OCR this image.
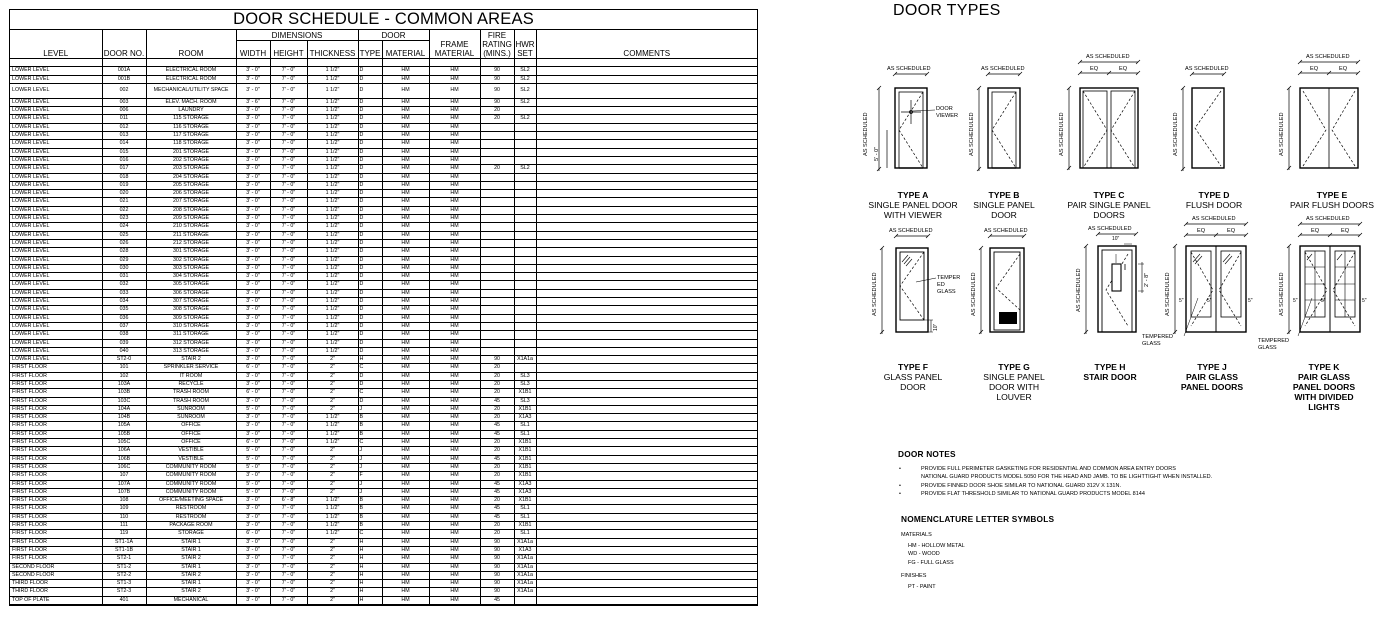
DOOR SCHEDULE - COMMON AREAS
LEVEL	DOOR NO.	ROOM	DIMENSIONS			DOOR		FRAME MATERIAL	FIRE RATING (MINS.)	HWR SET	COMMENTS
			WIDTH	HEIGHT	THICKNESS	TYPE	MATERIAL				

LOWER LEVEL	001A	ELECTRICAL ROOM	3' - 0"	7' - 0"	1 1/2"	D	HM	HM	90	SL2	
LOWER LEVEL	001B	ELECTRICAL ROOM	3' - 0"	7' - 0"	1 1/2"	D	HM	HM	90	SL2	
LOWER LEVEL	002	MECHANICAL/UTILITY SPACE	3' - 0"	7' - 0"	1 1/2"	D	HM	HM	90	SL2	
LOWER LEVEL	003	ELEV. MACH. ROOM	3' - 6"	7' - 0"	1 1/2"	D	HM	HM	90	SL2	
LOWER LEVEL	006	LAUNDRY	3' - 0"	7' - 0"	1 1/2"	D	HM	HM	20		
LOWER LEVEL	011	115 STORAGE	3' - 0"	7' - 0"	1 1/2"	D	HM	HM	20	SL2	
LOWER LEVEL	012	116 STORAGE	3' - 0"	7' - 0"	1 1/2"	D	HM	HM			
LOWER LEVEL	013	117 STORAGE	3' - 0"	7' - 0"	1 1/2"	D	HM	HM			
LOWER LEVEL	014	118 STORAGE	3' - 0"	7' - 0"	1 1/2"	D	HM	HM			
LOWER LEVEL	015	201 STORAGE	3' - 0"	7' - 0"	1 1/2"	D	HM	HM			
LOWER LEVEL	016	202 STORAGE	3' - 0"	7' - 0"	1 1/2"	D	HM	HM			
LOWER LEVEL	017	203 STORAGE	3' - 0"	7' - 0"	1 1/2"	D	HM	HM	20	SL2	
LOWER LEVEL	018	204 STORAGE	3' - 0"	7' - 0"	1 1/2"	D	HM	HM			
LOWER LEVEL	019	205 STORAGE	3' - 0"	7' - 0"	1 1/2"	D	HM	HM			
LOWER LEVEL	020	206 STORAGE	3' - 0"	7' - 0"	1 1/2"	D	HM	HM			
LOWER LEVEL	021	207 STORAGE	3' - 0"	7' - 0"	1 1/2"	D	HM	HM			
LOWER LEVEL	022	208 STORAGE	3' - 0"	7' - 0"	1 1/2"	D	HM	HM			
LOWER LEVEL	023	209 STORAGE	3' - 0"	7' - 0"	1 1/2"	D	HM	HM			
LOWER LEVEL	024	210 STORAGE	3' - 0"	7' - 0"	1 1/2"	D	HM	HM			
LOWER LEVEL	025	211 STORAGE	3' - 0"	7' - 0"	1 1/2"	D	HM	HM			
LOWER LEVEL	026	212 STORAGE	3' - 0"	7' - 0"	1 1/2"	D	HM	HM			
LOWER LEVEL	028	301 STORAGE	3' - 0"	7' - 0"	1 1/2"	D	HM	HM			
LOWER LEVEL	029	302 STORAGE	3' - 0"	7' - 0"	1 1/2"	D	HM	HM			
LOWER LEVEL	030	303 STORAGE	3' - 0"	7' - 0"	1 1/2"	D	HM	HM			
LOWER LEVEL	031	304 STORAGE	3' - 0"	7' - 0"	1 1/2"	D	HM	HM			
LOWER LEVEL	032	305 STORAGE	3' - 0"	7' - 0"	1 1/2"	D	HM	HM			
LOWER LEVEL	033	306 STORAGE	3' - 0"	7' - 0"	1 1/2"	D	HM	HM			
LOWER LEVEL	034	307 STORAGE	3' - 0"	7' - 0"	1 1/2"	D	HM	HM			
LOWER LEVEL	035	308 STORAGE	3' - 0"	7' - 0"	1 1/2"	D	HM	HM			
LOWER LEVEL	036	309 STORAGE	3' - 0"	7' - 0"	1 1/2"	D	HM	HM			
LOWER LEVEL	037	310 STORAGE	3' - 0"	7' - 0"	1 1/2"	D	HM	HM			
LOWER LEVEL	038	311 STORAGE	3' - 0"	7' - 0"	1 1/2"	D	HM	HM			
LOWER LEVEL	039	312 STORAGE	3' - 0"	7' - 0"	1 1/2"	D	HM	HM			
LOWER LEVEL	040	313 STORAGE	3' - 0"	7' - 0"	1 1/2"	D	HM	HM			
LOWER LEVEL	ST2-0	STAIR 2	3' - 0"	7' - 0"	2"	H	HM	HM	90	X1A1a	
FIRST FLOOR	101	SPRINKLER SERVICE	6' - 0"	7' - 0"	2"	C	HM	HM	20		
FIRST FLOOR	102	IT ROOM	3' - 0"	7' - 0"	2"	D	HM	HM	20	SL3	
FIRST FLOOR	103A	RECYCLE	3' - 0"	7' - 0"	2"	D	HM	HM	20	SL3	
FIRST FLOOR	103B	TRASH ROOM	6' - 0"	7' - 0"	2"	C	HM	HM	20	X1B1	
FIRST FLOOR	103C	TRASH ROOM	3' - 0"	7' - 0"	2"	D	HM	HM	45	SL3	
FIRST FLOOR	104A	SUNROOM	5' - 0"	7' - 0"	2"	J	HM	HM	20	X1B1	
FIRST FLOOR	104B	SUNROOM	3' - 0"	7' - 0"	1 1/2"	B	HM	HM	20	X1A3	
FIRST FLOOR	105A	OFFICE	3' - 0"	7' - 0"	1 1/2"	B	HM	HM	45	SL1	
FIRST FLOOR	105B	OFFICE	3' - 0"	7' - 0"	1 1/2"	B	HM	HM	45	SL1	
FIRST FLOOR	105C	OFFICE	6' - 0"	7' - 0"	1 1/2"	C	HM	HM	20	X1B1	
FIRST FLOOR	106A	VESTIBLE	5' - 0"	7' - 0"	2"	J	HM	HM	20	X1B1	
FIRST FLOOR	106B	VESTIBLE	5' - 0"	7' - 0"	2"	J	HM	HM	45	X1B1	
FIRST FLOOR	106C	COMMUNITY ROOM	5' - 0"	7' - 0"	2"	J	HM	HM	20	X1B1	
FIRST FLOOR	107	COMMUNITY ROOM	3' - 0"	7' - 0"	2"	F	HM	HM	20	X1B1	
FIRST FLOOR	107A	COMMUNITY ROOM	5' - 0"	7' - 0"	2"	J	HM	HM	45	X1A3	
FIRST FLOOR	107B	COMMUNITY ROOM	5' - 0"	7' - 0"	2"	J	HM	HM	45	X1A3	
FIRST FLOOR	108	OFFICE/MEETING SPACE	3' - 0"	6' - 8"	1 1/2"	B	HM	HM	20	X1B1	
FIRST FLOOR	109	RESTROOM	3' - 0"	7' - 0"	1 1/2"	B	HM	HM	45	SL1	
FIRST FLOOR	110	RESTROOM	3' - 0"	7' - 0"	1 1/2"	B	HM	HM	45	SL1	
FIRST FLOOR	111	PACKAGE ROOM	3' - 0"	7' - 0"	1 1/2"	B	HM	HM	20	X1B1	
FIRST FLOOR	119	STORAGE	6' - 0"	7' - 0"	1 1/2"	C	HM	HM	20	SL1	
FIRST FLOOR	ST1-1A	STAIR 1	3' - 0"	7' - 0"	2"	H	HM	HM	90	X1A1a	
FIRST FLOOR	ST1-1B	STAIR 1	3' - 0"	7' - 0"	2"	H	HM	HM	90	X1A3	
FIRST FLOOR	ST2-1	STAIR 2	3' - 0"	7' - 0"	2"	H	HM	HM	90	X1A1a	
SECOND FLOOR	ST1-2	STAIR 1	3' - 0"	7' - 0"	2"	H	HM	HM	90	X1A1a	
SECOND FLOOR	ST2-2	STAIR 2	3' - 0"	7' - 0"	2"	H	HM	HM	90	X1A1a	
THIRD FLOOR	ST1-3	STAIR 1	3' - 0"	7' - 0"	2"	H	HM	HM	90	X1A1a	
THIRD FLOOR	ST2-3	STAIR 2	3' - 0"	7' - 0"	2"	H	HM	HM	90	X1A1a	
TOP OF PLATE	401	MECHANICAL	3' - 0"	7' - 0"	2"	H	HM	HM	45		
DOOR TYPES
AS SCHEDULED
AS SCHEDULED 5' - 0"
DOOR
VIEWER
AS SCHEDULED
AS SCHEDULED
AS SCHEDULED
EQ	EQ
AS SCHEDULED
AS SCHEDULED
AS SCHEDULED
AS SCHEDULED
EQ	EQ
AS SCHEDULED
AS SCHEDULED
AS SCHEDULED	TEMPER
ED
GLASS
10"
AS SCHEDULED
AS SCHEDULED
AS SCHEDULED
10"
AS SCHEDULED	2' - 8"
AS SCHEDULED
EQ	EQ
AS SCHEDULED 5"	5"	5"
TEMPERED
GLASS
AS SCHEDULED
EQ	EQ
AS SCHEDULED 5"	5"	5"
TEMPERED
GLASS
TYPE A
SINGLE PANEL DOOR
WITH VIEWER
TYPE B
SINGLE PANEL
DOOR
TYPE C
PAIR SINGLE PANEL
DOORS
TYPE D
FLUSH DOOR
TYPE E
PAIR FLUSH DOORS
TYPE F
GLASS PANEL
DOOR
TYPE G
SINGLE PANEL
DOOR WITH
LOUVER
TYPE H
STAIR DOOR
TYPE J
PAIR GLASS
PANEL DOORS
TYPE K
PAIR GLASS
PANEL DOORS
WITH DIVIDED
LIGHTS
DOOR NOTES
• PROVIDE FULL PERIMETER GASKETING FOR RESIDENTIAL AND COMMON AREA ENTRY DOORS
NATIONAL GUARD PRODUCTS MODEL 5050 FOR THE HEAD AND JAMB. TO BE LIGHTTIGHT WHEN INSTALLED.
• PROVIDE FINNED DOOR SHOE SIMILAR TO NATIONAL GUARD 312V X 131N.
• PROVIDE FLAT THRESHOLD SIMILAR TO NATIONAL GUARD PRODUCTS MODEL 8144
NOMENCLATURE LETTER SYMBOLS
MATERIALS
HM - HOLLOW METAL
WD - WOOD
FG - FULL GLASS
FINISHES
PT - PAINT
